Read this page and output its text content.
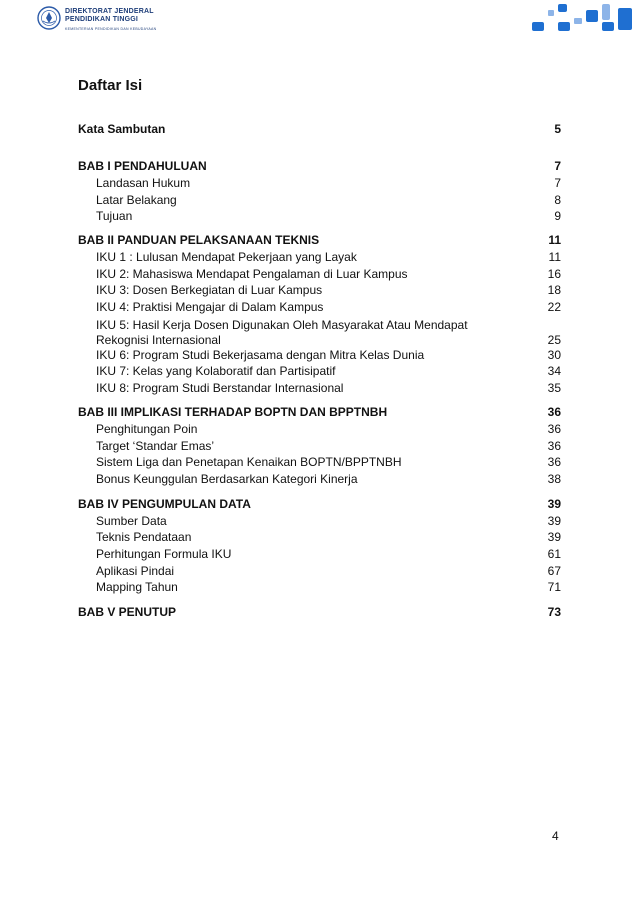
DIREKTORAT JENDERAL
PENDIDIKAN TINGGI
KEMENTERIAN PENDIDIKAN DAN KEBUDAYAAN
Daftar Isi
Kata Sambutan	5
BAB I PENDAHULUAN	7
Landasan Hukum	7
Latar Belakang	8
Tujuan	9
BAB II PANDUAN PELAKSANAAN TEKNIS	11
IKU 1 : Lulusan Mendapat Pekerjaan yang Layak	11
IKU 2: Mahasiswa Mendapat Pengalaman di Luar Kampus	16
IKU 3: Dosen Berkegiatan di Luar Kampus	18
IKU 4: Praktisi Mengajar di Dalam Kampus	22
IKU 5: Hasil Kerja Dosen Digunakan Oleh Masyarakat Atau Mendapat Rekognisi Internasional	25
IKU 6: Program Studi Bekerjasama dengan Mitra Kelas Dunia	30
IKU 7: Kelas yang Kolaboratif dan Partisipatif	34
IKU 8: Program Studi Berstandar Internasional	35
BAB III IMPLIKASI TERHADAP BOPTN DAN BPPTNBH	36
Penghitungan Poin	36
Target ‘Standar Emas’	36
Sistem Liga dan Penetapan Kenaikan BOPTN/BPPTNBH	36
Bonus Keunggulan Berdasarkan Kategori Kinerja	38
BAB IV PENGUMPULAN DATA	39
Sumber Data	39
Teknis Pendataan	39
Perhitungan Formula IKU	61
Aplikasi Pindai	67
Mapping Tahun	71
BAB V PENUTUP	73
4
